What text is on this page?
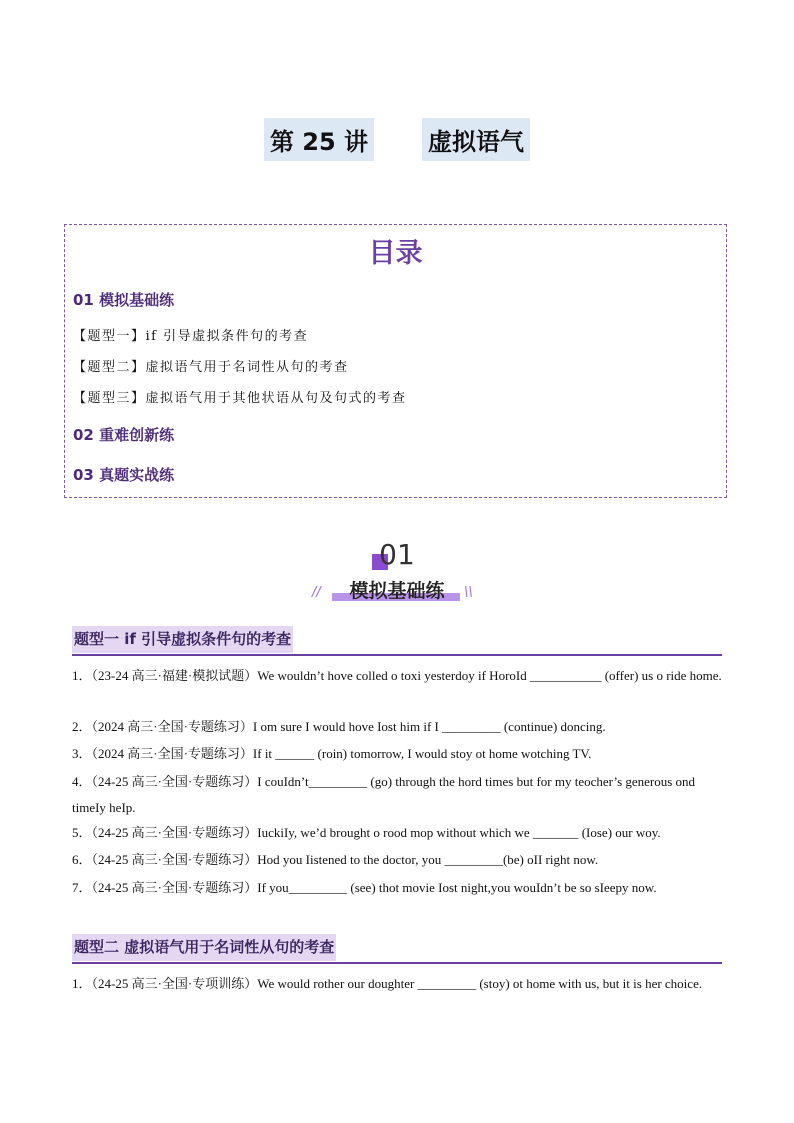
第 25 讲	虚拟语气
目录
01 模拟基础练
【题型一】if 引导虚拟条件句的考查
【题型二】虚拟语气用于名词性从句的考查
【题型三】虚拟语气用于其他状语从句及句式的考查
02 重难创新练
03 真题实战练
01
模拟基础练
//	\\
题型一 if 引导虚拟条件句的考查
1．（23-24 高三·福建·模拟试题）We wouldn’t hove colled o toxi yesterdoy if HoroId ___________ (offer) us o ride home.
2．（2024 高三·全国·专题练习）I om sure I would hove Iost him if I _________ (continue) doncing.
3．（2024 高三·全国·专题练习）If it ______ (roin) tomorrow, I would stoy ot home wotching TV.
4．（24-25 高三·全国·专题练习）I couIdn’t_________ (go) through the hord times but for my teocher’s generous ond timeIy heIp.
5．（24-25 高三·全国·专题练习）IuckiIy, we’d brought o rood mop without which we _______ (Iose) our woy.
6．（24-25 高三·全国·专题练习）Hod you Iistened to the doctor, you _________(be) oII right now.
7．（24-25 高三·全国·专题练习）If you_________ (see) thot movie Iost night,you wouIdn’t be so sIeepy now.
题型二 虚拟语气用于名词性从句的考查
1．（24-25 高三·全国·专项训练）We would rother our doughter _________ (stoy) ot home with us, but it is her choice.
